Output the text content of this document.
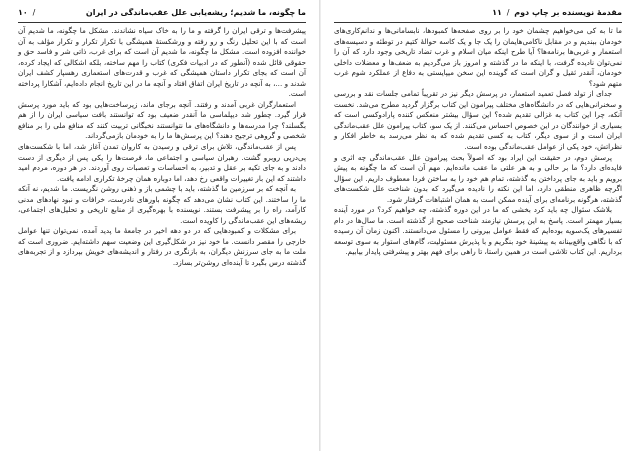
ما چگونه، ما شدیم؛ ریشه‌یابی علل عقب‌ماندگی در ایران
/ ١٠

پیشرفت‌ها و ترقی ایران را گرفته و ما را به خاک سیاه نشاندند. مشکل ما چگونه، ما شدیم آن است که با این تحلیل رنگ و رو رفته و ورشکستهٔ همیشگی با تکرار تکرار و تکرار مؤلف به آن خواننده افزوده است. مشکل ما چگونه، ما شدیم آن است که برای غرب، ذاتی شر و فاسد حق و حقوقی قائل شده (آنطور که در ادبیات فکری) کتاب را مهم ساخته، بلکه اشکالی که ایجاد کرده، آن است که بجای تکرار داستان همیشگی که غرب و قدرت‌های استعماری رهسپار کشف ایران شدند و ...، به آنچه در تاریخ ایران اتفاق افتاد و آنچه ما در این تاریخ انجام داده‌ایم، آشکارا پرداخته است.

استعمارگران غربی آمدند و رفتند. آنچه برجای ماند، زیرساخت‌هایی بود که باید مورد پرسش قرار گیرد. چطور شد دیپلماسی ما آنقدر ضعیف بود که توانستند بافت سیاسی ایران را از هم بگسلند؟ چرا مدرسه‌ها و دانشگاه‌های ما نتوانستند نخبگانی تربیت کنند که منافع ملی را بر منافع شخصی و گروهی ترجیح دهند؟ این پرسش‌ها ما را به خودمان بازمی‌گرداند.

پس از عقب‌ماندگی، تلاش برای ترقی و رسیدن به کاروان تمدن آغاز شد، اما با شکست‌های پی‌درپی روبرو گشت. رهبران سیاسی و اجتماعی ما، فرصت‌ها را یکی پس از دیگری از دست دادند و به جای تکیه بر عقل و تدبیر، به احساسات و تعصبات روی آوردند. در هر دوره، مردم امید داشتند که این بار تغییرات واقعی رخ دهد، اما دوباره همان چرخهٔ تکراری ادامه یافت.

به آنچه که بر سرزمین ما گذشته، باید با چشمی باز و ذهنی روشن نگریست. ما شدیم، نه آنکه ما را ساختند. این کتاب نشان می‌دهد که چگونه باورهای نادرست، خرافات و نبود نهادهای مدنی کارآمد، راه را بر پیشرفت بستند. نویسنده با بهره‌گیری از منابع تاریخی و تحلیل‌های اجتماعی، ریشه‌های این عقب‌ماندگی را کاویده است.

برای مشکلات و کمبودهایی که در دو دهه اخیر در جامعهٔ ما پدید آمده، نمی‌توان تنها عوامل خارجی را مقصر دانست. ما خود نیز در شکل‌گیری این وضعیت سهم داشته‌ایم. ضروری است که ملت ما به جای سرزنش دیگران، به بازنگری در رفتار و اندیشه‌های خویش بپردازد و از تجربه‌های گذشته درس بگیرد تا آینده‌ای روشن‌تر بسازد.

مقدمهٔ نویسنده بر چاپ دوم / ١١

ما تا به کی می‌خواهیم چشمان خود را بر روی صفحه‌ها کمبودها، نابسامانی‌ها و ندانم‌کاری‌های خودمان ببندیم و در مقابل ناکامی‌هایمان را یک جا و یک کاسه حوالهٔ کتیم در توطئه و دسیسه‌های استعمار و غربی‌ها برنامه‌ها؟ آیا طرح اینکه میان اسلام و غرب تضاد تاریخی وجود دارد که آن را نمی‌توان نادیده گرفت، با اینکه ما در گذشته و امروز باز می‌گردیم به ضعف‌ها و معضلات داخلی خودمان، آنقدر ثقیل و گران است که گوینده این سخن میپایستی به دفاع از عملکرد شوم غرب متهم شود؟

جدای از تولد فصل تعمید استعمار، در پرسش دیگر نیز در تقریباً تمامی جلسات نقد و بررسی و سخنرانی‌هایی که در دانشگاه‌های مختلف پیرامون این کتاب برگزار گردید مطرح می‌شد. نخست آنکه، چرا این کتاب به غزالی تقدیم شده؟ این سؤال بیشتر منعکس کننده پارادوکسی است که بسیاری از خوانندگان در این خصوص احساس می‌کنند. از یک سو، کتاب پیرامون علل عقب‌ماندگی ایران است و از سوی دیگر، کتاب به کسی تقدیم شده که به نظر می‌رسد به خاطر افکار و نظراتش، خود یکی از عوامل عقب‌ماندگی بوده است.

پرسش دوم، در حقیقت این ایراد بود که اصولاً بحث پیرامون علل عقب‌ماندگی چه اثری و فایده‌ای دارد؟ ما بر حالی و به هر علتی ما عقب مانده‌ایم. مهم آن است که ما چگونه به پیش برویم و باید به جای پرداختن به گذشته، تمام هم خود را به ساختن فردا معطوف داریم. این سؤال اگرچه ظاهری منطقی دارد، اما این نکته را نادیده می‌گیرد که بدون شناخت علل شکست‌های گذشته، هرگونه برنامه‌ای برای آینده ممکن است به همان اشتباهات گرفتار شود.

بلاشک سئوال چه باید کرد بخشی که ما در این دوره گذشته، چه خواهیم کرد؟ در مورد آینده بسیار مهمتر است. پاسخ به این پرسش نیازمند شناخت صحیح از گذشته است. ما سال‌ها در دام تفسیرهای یک‌سویه بوده‌ایم که فقط عوامل بیرونی را مسئول می‌دانستند. اکنون زمان آن رسیده که با نگاهی واقع‌بینانه به پیشینهٔ خود بنگریم و با پذیرش مسئولیت، گام‌های استوار به سوی توسعه برداریم. این کتاب تلاشی است در همین راستا، تا راهی برای فهم بهتر و پیشرفتی پایدار بیابیم.
